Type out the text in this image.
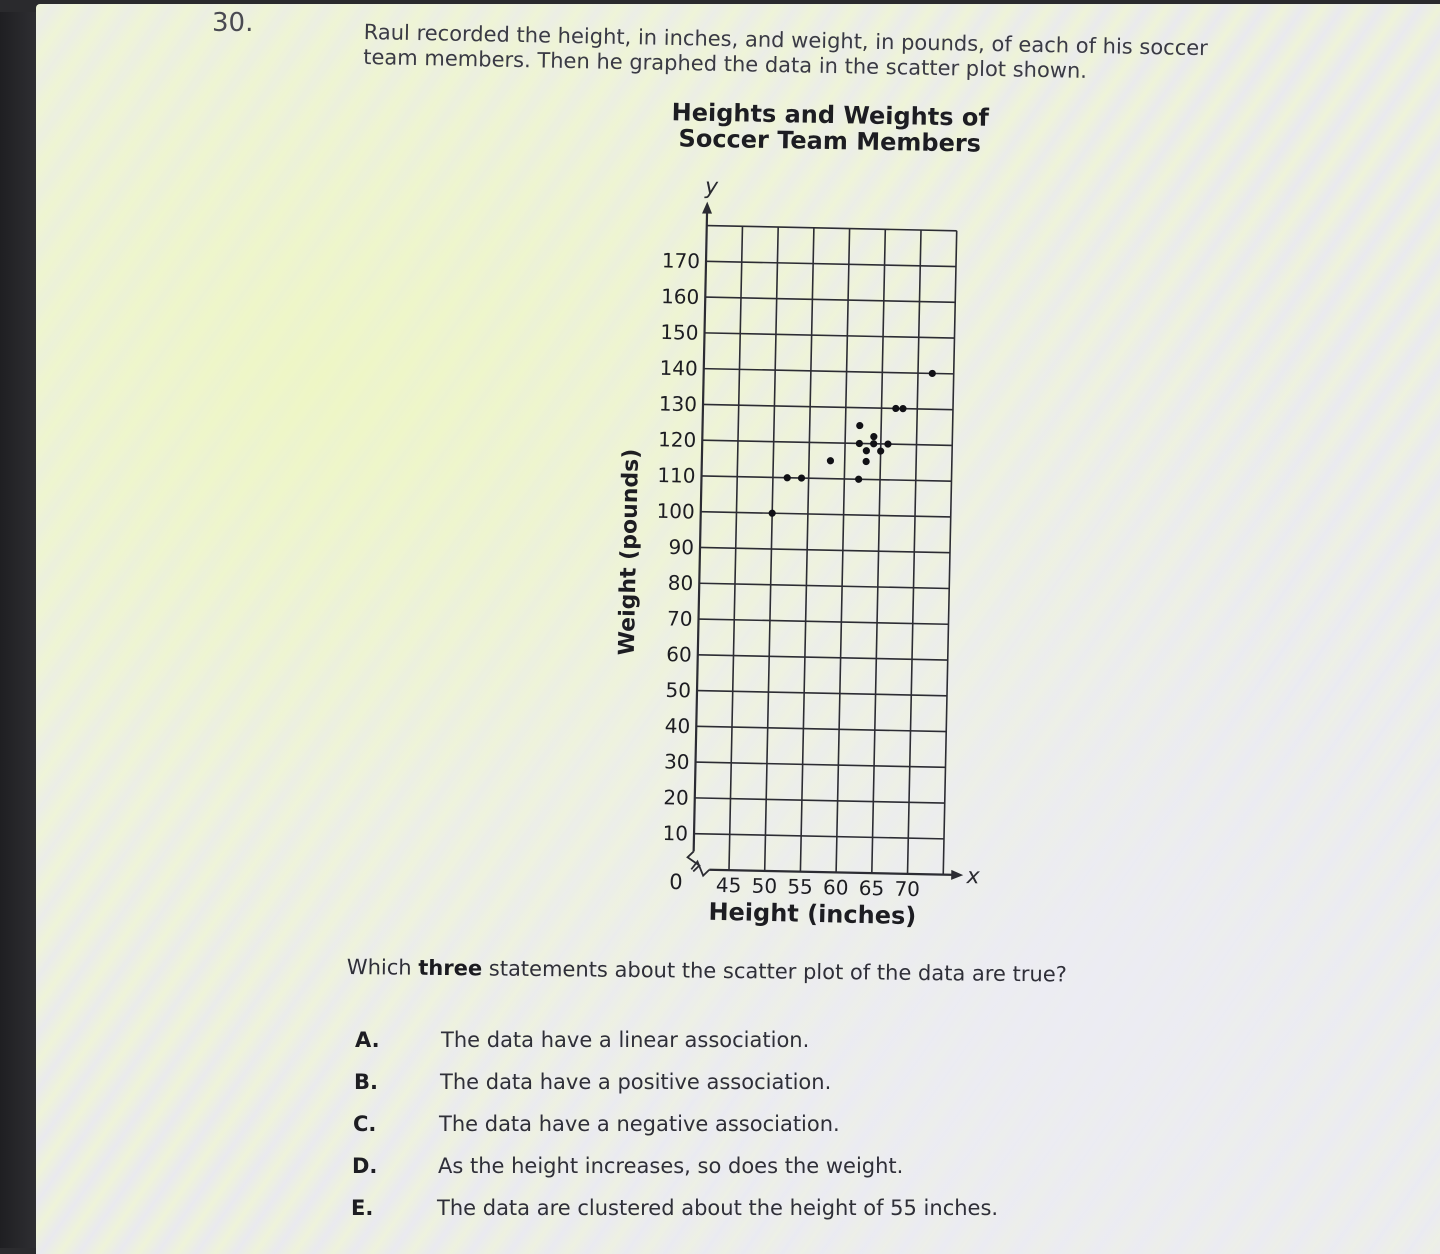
30.	Raul recorded the height, in inches, and weight, in pounds, of each of his soccer team members. Then he graphed the data in the scatter plot shown.
Heights and Weights of
Soccer Team Members
10
20
30
40
50
60
70
80
90
100
110
120
130
140
150
160
170
45 50 55 60 65 70
Weight (pounds)
Height (inches)
y
x
0
Which three statements about the scatter plot of the data are true?
A.	The data have a linear association.
B.	The data have a positive association.
C.	The data have a negative association.
D.	As the height increases, so does the weight.
E.	The data are clustered about the height of 55 inches.
